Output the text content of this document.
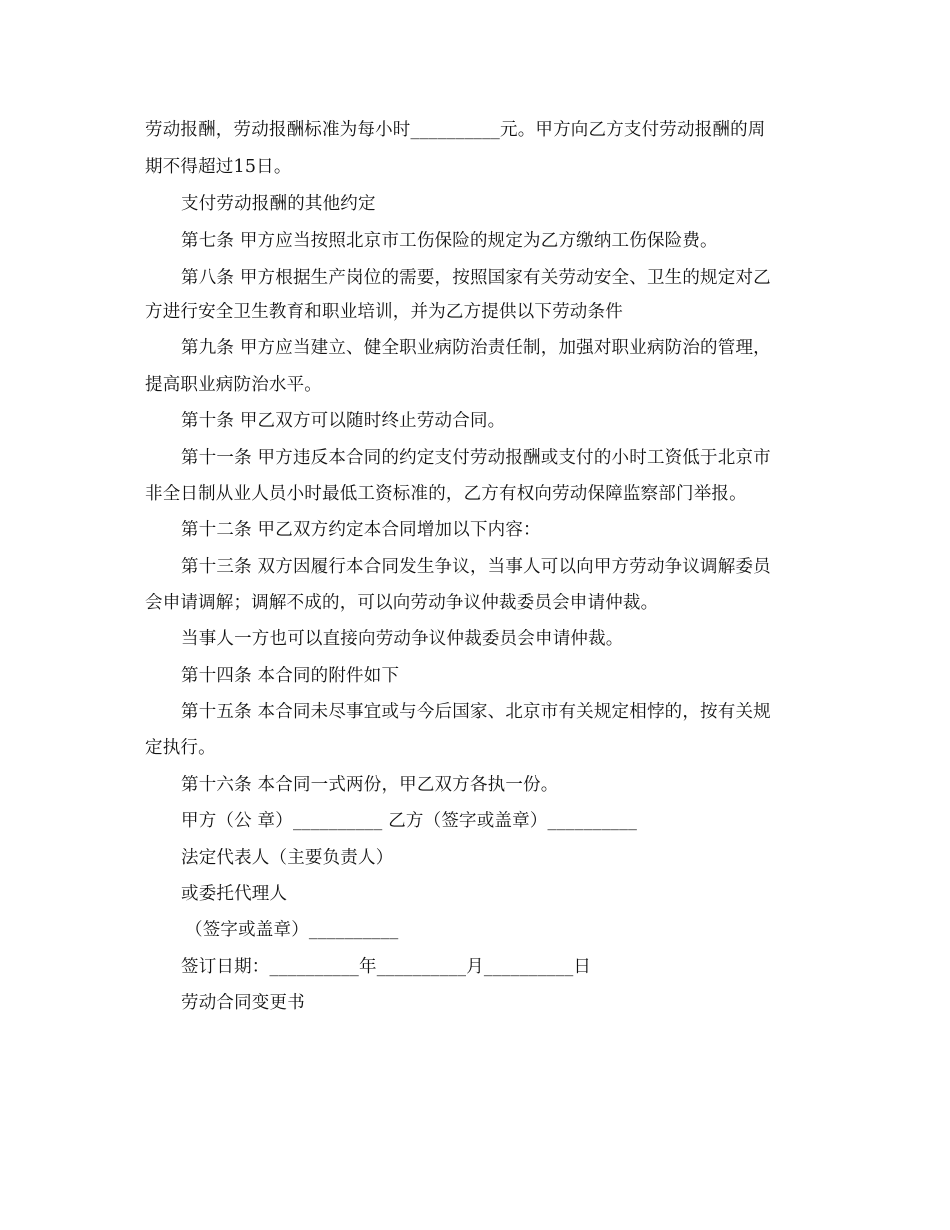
劳动报酬，劳动报酬标准为每小时__________元。甲方向乙方支付劳动报酬的周
期不得超过15日。
支付劳动报酬的其他约定
第七条 甲方应当按照北京市工伤保险的规定为乙方缴纳工伤保险费。
第八条 甲方根据生产岗位的需要，按照国家有关劳动安全、卫生的规定对乙
方进行安全卫生教育和职业培训，并为乙方提供以下劳动条件
第九条 甲方应当建立、健全职业病防治责任制，加强对职业病防治的管理，
提高职业病防治水平。
第十条 甲乙双方可以随时终止劳动合同。
第十一条 甲方违反本合同的约定支付劳动报酬或支付的小时工资低于北京市
非全日制从业人员小时最低工资标准的，乙方有权向劳动保障监察部门举报。
第十二条 甲乙双方约定本合同增加以下内容：
第十三条 双方因履行本合同发生争议，当事人可以向甲方劳动争议调解委员
会申请调解；调解不成的，可以向劳动争议仲裁委员会申请仲裁。
当事人一方也可以直接向劳动争议仲裁委员会申请仲裁。
第十四条 本合同的附件如下
第十五条 本合同未尽事宜或与今后国家、北京市有关规定相悖的，按有关规
定执行。
第十六条 本合同一式两份，甲乙双方各执一份。
甲方（公 章）__________ 乙方（签字或盖章）__________
法定代表人（主要负责人）
或委托代理人
（签字或盖章）__________
签订日期：__________年__________月__________日
劳动合同变更书
